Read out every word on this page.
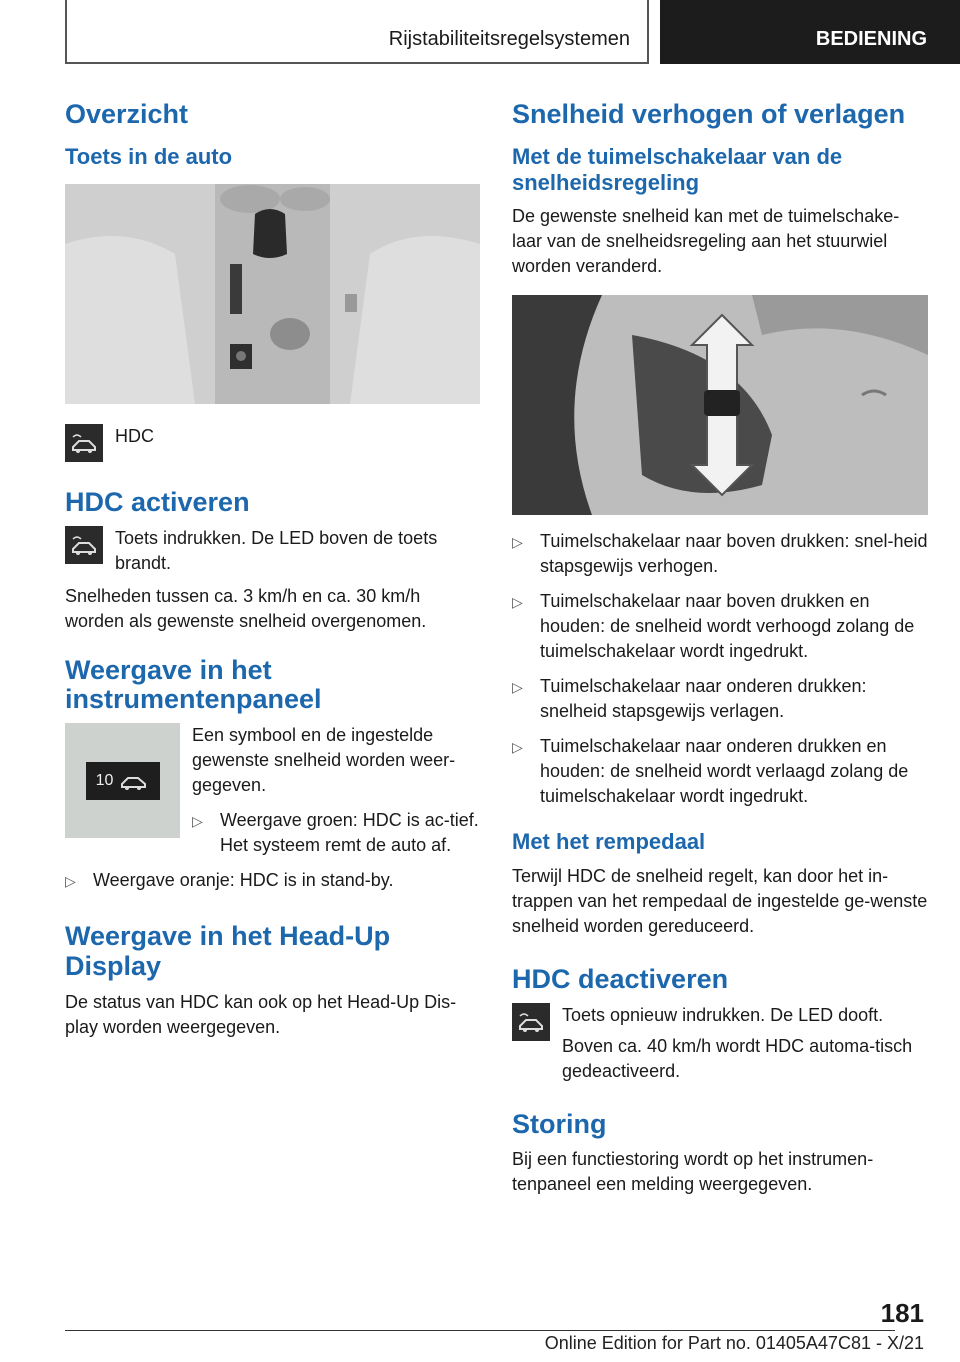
Rijstabiliteitsregelsystemen	BEDIENING
Overzicht
Toets in de auto

HDC

HDC activeren

Toets indrukken. De LED boven de toets brandt.

Snelheden tussen ca. 3 km/h en ca. 30 km/h worden als gewenste snelheid overgenomen.

Weergave in het instrumentenpaneel
10

Een symbool en de ingestelde gewenste snelheid worden weer-gegeven.

▷ Weergave groen: HDC is ac-tief. Het systeem remt de auto af.
▷ Weergave oranje: HDC is in stand-by.
Weergave in het Head-Up Display

De status van HDC kan ook op het Head-Up Dis-play worden weergegeven.

Snelheid verhogen of verlagen
Met de tuimelschakelaar van de snelheidsregeling

De gewenste snelheid kan met de tuimelschake-laar van de snelheidsregeling aan het stuurwiel worden veranderd.

▷ Tuimelschakelaar naar boven drukken: snel-heid stapsgewijs verhogen.
▷ Tuimelschakelaar naar boven drukken en houden: de snelheid wordt verhoogd zolang de tuimelschakelaar wordt ingedrukt.
▷ Tuimelschakelaar naar onderen drukken: snelheid stapsgewijs verlagen.
▷ Tuimelschakelaar naar onderen drukken en houden: de snelheid wordt verlaagd zolang de tuimelschakelaar wordt ingedrukt.
Met het rempedaal

Terwijl HDC de snelheid regelt, kan door het in-trappen van het rempedaal de ingestelde ge-wenste snelheid worden gereduceerd.

HDC deactiveren

Toets opnieuw indrukken. De LED dooft.

Boven ca. 40 km/h wordt HDC automa-tisch gedeactiveerd.

Storing

Bij een functiestoring wordt op het instrumen-tenpaneel een melding weergegeven.

181
Online Edition for Part no. 01405A47C81 - X/21
